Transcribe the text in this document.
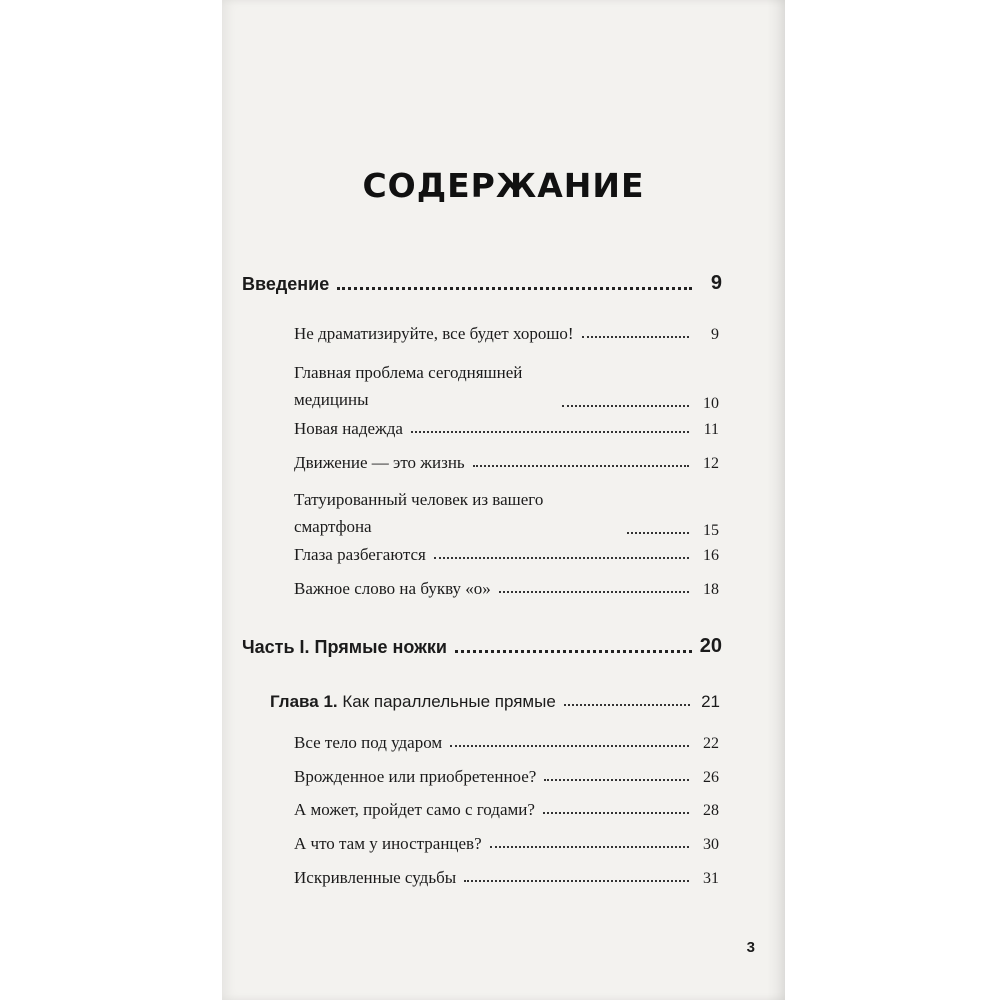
СОДЕРЖАНИЕ
Введение	9
Не драматизируйте, все будет хорошо!	9
Главная проблема сегодняшней медицины	10
Новая надежда	11
Движение — это жизнь	12
Татуированный человек из вашего смартфона	15
Глаза разбегаются	16
Важное слово на букву «о»	18
Часть I. Прямые ножки	20
Глава 1. Как параллельные прямые	21
Все тело под ударом	22
Врожденное или приобретенное?	26
А может, пройдет само с годами?	28
А что там у иностранцев?	30
Искривленные судьбы	31
3
